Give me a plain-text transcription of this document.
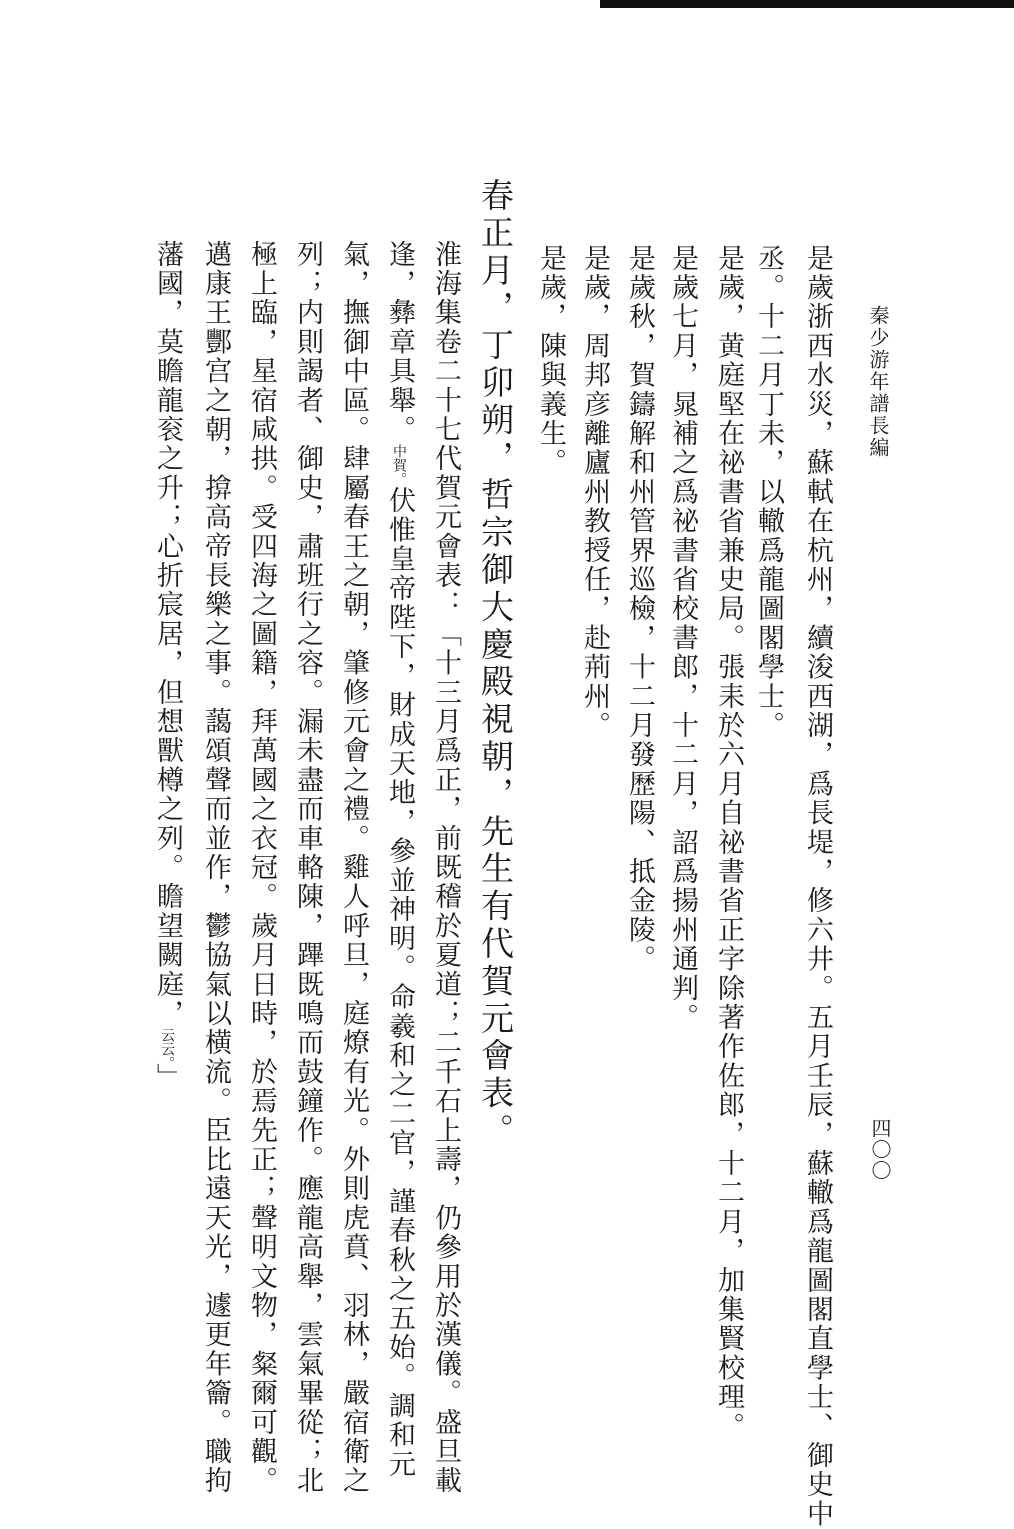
秦少游年譜長編
四〇〇
是歲浙西水災，蘇軾在杭州，續浚西湖，爲長堤，修六井。五月壬辰，蘇轍爲龍圖閣直學士、御史中
丞。十二月丁未，以轍爲龍圖閣學士。
是歲，黄庭堅在祕書省兼史局。張耒於六月自祕書省正字除著作佐郎，十二月，加集賢校理。
是歲七月，晁補之爲祕書省校書郎，十二月，詔爲揚州通判。
是歲秋，賀鑄解和州管界巡檢，十二月發歷陽、抵金陵。
是歲，周邦彦離廬州教授任，赴荊州。
是歲，陳與義生。
春正月，丁卯朔，哲宗御大慶殿視朝，先生有代賀元會表。
淮海集卷二十七代賀元會表：「十三月爲正，前既稽於夏道；二千石上壽，仍參用於漢儀。盛旦載
逢，彝章具舉。中賀。伏惟皇帝陛下，財成天地，參並神明。命羲和之二官，謹春秋之五始。調和元
氣，撫御中區。肆屬春王之朝，肇修元會之禮。雞人呼旦，庭燎有光。外則虎賁、羽林，嚴宿衛之
列；内則謁者、御史，肅班行之容。漏未盡而車輅陳，蹕既鳴而鼓鐘作。應龍高舉，雲氣畢從；北
極上臨，星宿咸拱。受四海之圖籍，拜萬國之衣冠。歲月日時，於焉先正；聲明文物，粲爾可觀。
邁康王酆宫之朝，揜高帝長樂之事。藹頌聲而並作，鬱協氣以横流。臣比遠天光，遽更年籥。職拘
藩國，莫瞻龍衮之升；心折宸居，但想獸樽之列。瞻望闕庭，云云。」
